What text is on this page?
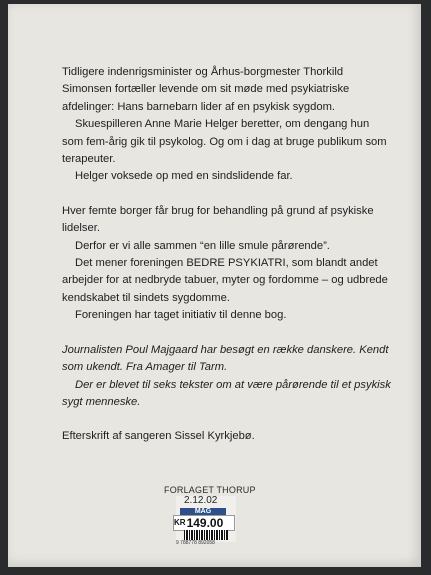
Tidligere indenrigsminister og Århus-borgmester Thorkild Simonsen fortæller levende om sit møde med psykiatriske afdelinger: Hans barnebarn lider af en psykisk sygdom.

Skuespilleren Anne Marie Helger beretter, om dengang hun som fem-årig gik til psykolog. Og om i dag at bruge publikum som terapeuter.

Helger voksede op med en sindslidende far.

Hver femte borger får brug for behandling på grund af psykiske lidelser.

Derfor er vi alle sammen “en lille smule pårørende”.

Det mener foreningen BEDRE PSYKIATRI, som blandt andet arbejder for at nedbryde tabuer, myter og fordomme – og udbrede kendskabet til sindets sygdomme.

Foreningen har taget initiativ til denne bog.

Journalisten Poul Majgaard har besøgt en række danskere. Kendt som ukendt. Fra Amager til Tarm.

Der er blevet til seks tekster om at være pårørende til et psykisk sygt menneske.

Efterskrift af sangeren Sissel Kyrkjebø.

FORLAGET THORUP
2.12.02
MAG
$^{KR}$149.00
9 788778 892058
